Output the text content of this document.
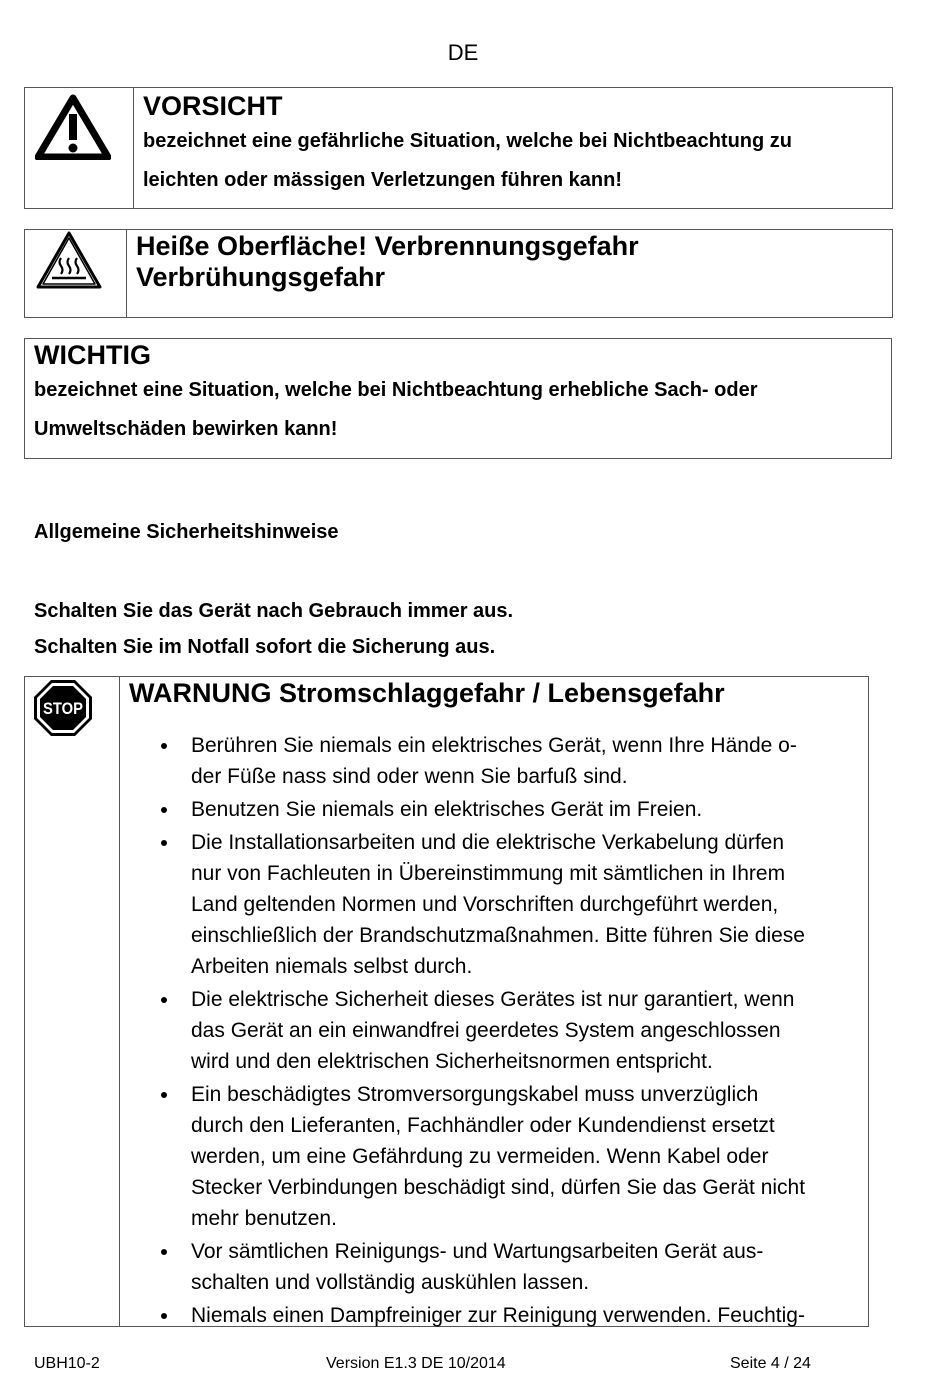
DE
VORSICHT
bezeichnet eine gefährliche Situation, welche bei Nichtbeachtung zu
leichten oder mässigen Verletzungen führen kann!
Heiße Oberfläche! Verbrennungsgefahr
Verbrühungsgefahr
WICHTIG
bezeichnet eine Situation, welche bei Nichtbeachtung erhebliche Sach- oder
Umweltschäden bewirken kann!
Allgemeine Sicherheitshinweise
Schalten Sie das Gerät nach Gebrauch immer aus.
Schalten Sie im Notfall sofort die Sicherung aus.
STOP
WARNUNG Stromschlaggefahr / Lebensgefahr
Berühren Sie niemals ein elektrisches Gerät, wenn Ihre Hände o-
der Füße nass sind oder wenn Sie barfuß sind.
Benutzen Sie niemals ein elektrisches Gerät im Freien.
Die Installationsarbeiten und die elektrische Verkabelung dürfen
nur von Fachleuten in Übereinstimmung mit sämtlichen in Ihrem
Land geltenden Normen und Vorschriften durchgeführt werden,
einschließlich der Brandschutzmaßnahmen. Bitte führen Sie diese
Arbeiten niemals selbst durch.
Die elektrische Sicherheit dieses Gerätes ist nur garantiert, wenn
das Gerät an ein einwandfrei geerdetes System angeschlossen
wird und den elektrischen Sicherheitsnormen entspricht.
Ein beschädigtes Stromversorgungskabel muss unverzüglich
durch den Lieferanten, Fachhändler oder Kundendienst ersetzt
werden, um eine Gefährdung zu vermeiden. Wenn Kabel oder
Stecker Verbindungen beschädigt sind, dürfen Sie das Gerät nicht
mehr benutzen.
Vor sämtlichen Reinigungs- und Wartungsarbeiten Gerät aus-
schalten und vollständig auskühlen lassen.
Niemals einen Dampfreiniger zur Reinigung verwenden. Feuchtig-
UBH10-2	Version E1.3 DE 10/2014	Seite 4 / 24
